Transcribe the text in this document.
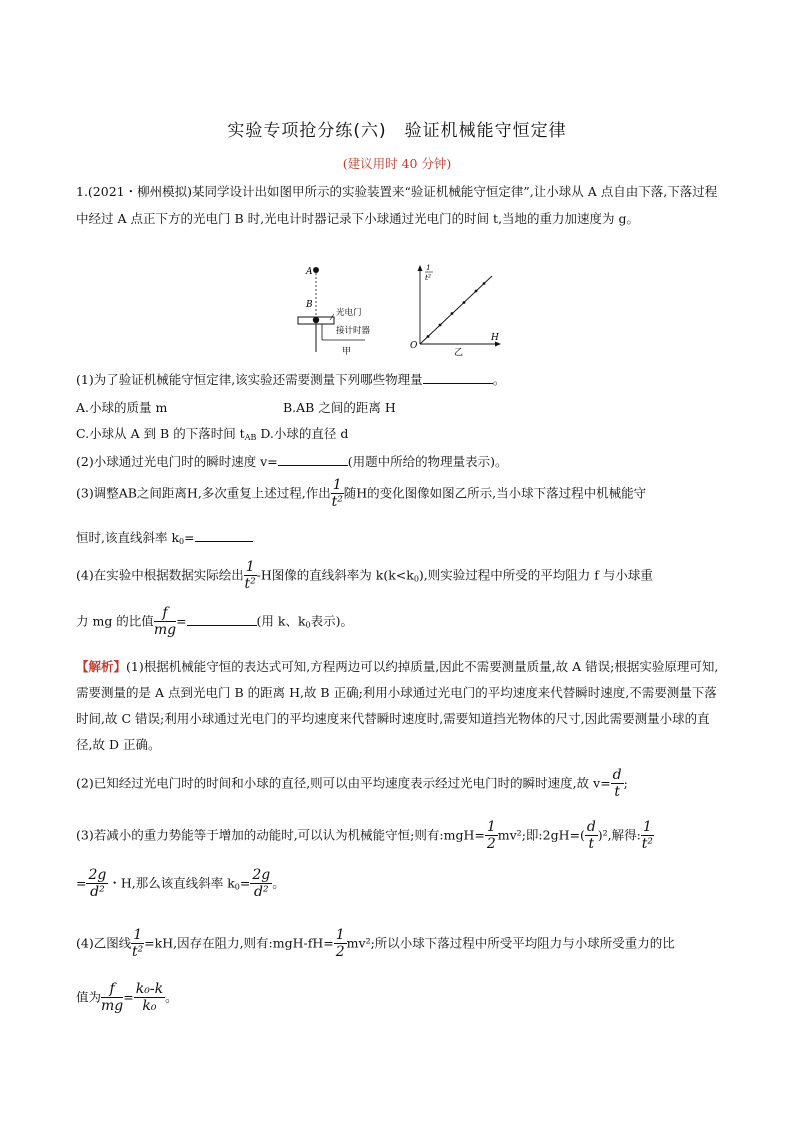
实验专项抢分练(六)　验证机械能守恒定律
(建议用时 40 分钟)
1.(2021・柳州模拟)某同学设计出如图甲所示的实验装置来“验证机械能守恒定律”,让小球从 A 点自由下落,下落过程中经过 A 点正下方的光电门 B 时,光电计时器记录下小球通过光电门的时间 t,当地的重力加速度为 g。
A
B
光电门
接计时器
甲
1
t²
H
O
乙
(1)为了验证机械能守恒定律,该实验还需要测量下列哪些物理量	。
A.小球的质量 m	B.AB 之间的距离 H
C.小球从 A 到 B 的下落时间 $t_{AB}$ D.小球的直径 d
(2)小球通过光电门时的瞬时速度 v=	(用题中所给的物理量表示)。
(3)调整AB之间距离H,多次重复上述过程,作出 $\frac{1}{\text{t²}}$ 随H的变化图像如图乙所示,当小球下落过程中机械能守
恒时,该直线斜率 $k_0=$
(4)在实验中根据数据实际绘出 $\frac{1}{\text{t²}} -H$图像的直线斜率为 $k(k<k_0)$,则实验过程中所受的平均阻力 f 与小球重
力 mg 的比值 $\frac{f}{mg}$ =	(用 k、$k_0$表示)。
【解析】(1)根据机械能守恒的表达式可知,方程两边可以约掉质量,因此不需要测量质量,故 A 错误;根据实验原理可知,需要测量的是 A 点到光电门 B 的距离 H,故 B 正确;利用小球通过光电门的平均速度来代替瞬时速度,不需要测量下落时间,故 C 错误;利用小球通过光电门的平均速度来代替瞬时速度时,需要知道挡光物体的尺寸,因此需要测量小球的直径,故 D 正确。
(2)已知经过光电门时的时间和小球的直径,则可以由平均速度表示经过光电门时的瞬时速度,故 $v= \frac{d}{t}$ ;
(3)若减小的重力势能等于增加的动能时,可以认为机械能守恒;则有:mgH= $\frac{1}{2} mv^2$;即:2gH=( $\frac{d}{t} )^2$,解得: $\frac{1}{\text{t²}}$
= $\frac{2g}{\text{d²}}$ ・H,那么该直线斜率 $k_0= \frac{2g}{\text{d²}}$ 。
(4)乙图线 $\frac{1}{\text{t²}} =kH$,因存在阻力,则有:mgH-fH= $\frac{1}{2} mv^2$;所以小球下落过程中所受平均阻力与小球所受重力的比
值为 $\frac{f}{mg} = \frac{\text{k₀-k}}{\text{k₀}}$ 。
